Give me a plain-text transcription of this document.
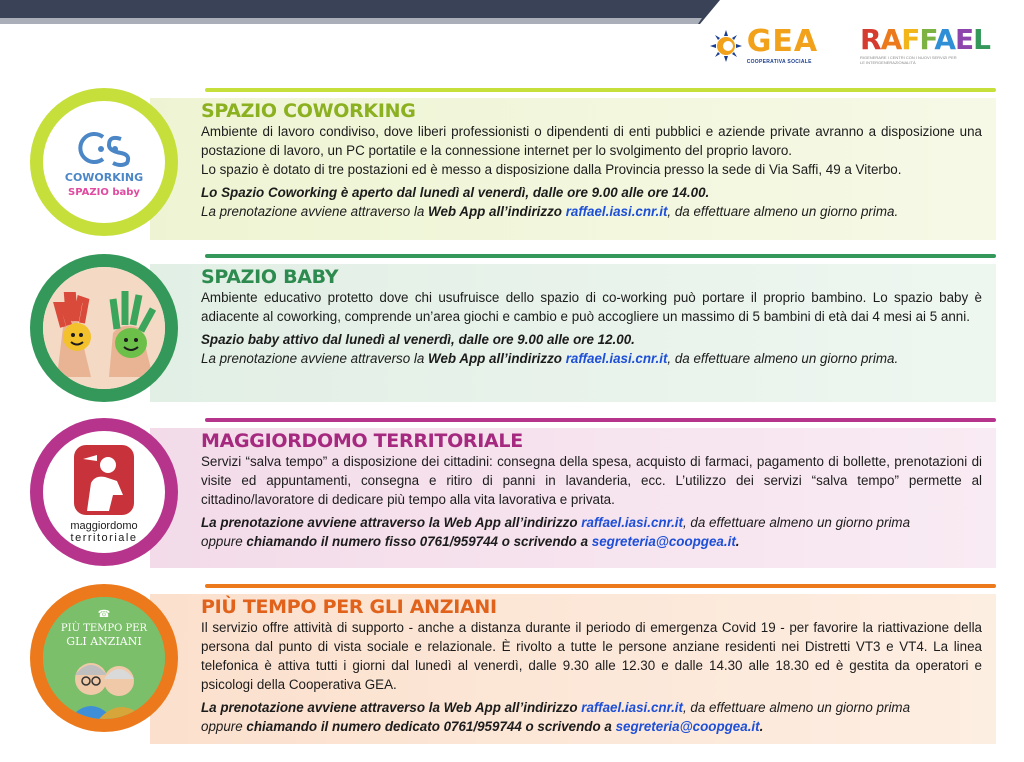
GEA
COOPERATIVA SOCIALE
RAFFAEL
RIGENERARE I CENTRI CON I NUOVI SERVIZI PER LE INTERGENERAZIONALITÀ
COWORKING
SPAZIO baby
SPAZIO COWORKING

Ambiente di lavoro condiviso, dove liberi professionisti o dipendenti di enti pubblici e aziende private avranno a disposizione una postazione di lavoro, un PC portatile e la connessione internet per lo svolgimento del proprio lavoro.

Lo spazio è dotato di tre postazioni ed è messo a disposizione dalla Provincia presso la sede di Via Saffi, 49 a Viterbo.

Lo Spazio Coworking è aperto dal lunedì al venerdì, dalle ore 9.00 alle ore 14.00.

La prenotazione avviene attraverso la Web App all’indirizzo raffael.iasi.cnr.it, da effettuare almeno un giorno prima.

SPAZIO BABY

Ambiente educativo protetto dove chi usufruisce dello spazio di co-working può portare il proprio bambino. Lo spazio baby è adiacente al coworking, comprende un’area giochi e cambio e può accogliere un massimo di 5 bambini di età dai 4 mesi ai 5 anni.

Spazio baby attivo dal lunedì al venerdì, dalle ore 9.00 alle ore 12.00.

La prenotazione avviene attraverso la Web App all’indirizzo raffael.iasi.cnr.it, da effettuare almeno un giorno prima.

maggiordomo
territoriale
MAGGIORDOMO TERRITORIALE

Servizi “salva tempo” a disposizione dei cittadini: consegna della spesa, acquisto di farmaci, pagamento di bollette, prenotazioni di visite ed appuntamenti, consegna e ritiro di panni in lavanderia, ecc. L’utilizzo dei servizi “salva tempo” permette al cittadino/lavoratore di dedicare più tempo alla vita lavorativa e privata.

La prenotazione avviene attraverso la Web App all’indirizzo raffael.iasi.cnr.it, da effettuare almeno un giorno prima

oppure chiamando il numero fisso 0761/959744 o scrivendo a segreteria@coopgea.it.

☎
PIÙ TEMPO PER
GLI ANZIANI
PIÙ TEMPO PER GLI ANZIANI

Il servizio offre attività di supporto - anche a distanza durante il periodo di emergenza Covid 19 - per favorire la riattivazione della persona dal punto di vista sociale e relazionale. È rivolto a tutte le persone anziane residenti nei Distretti VT3 e VT4. La linea telefonica è attiva tutti i giorni dal lunedì al venerdì, dalle 9.30 alle 12.30 e dalle 14.30 alle 18.30 ed è gestita da operatori e psicologi della Cooperativa GEA.

La prenotazione avviene attraverso la Web App all’indirizzo raffael.iasi.cnr.it, da effettuare almeno un giorno prima

oppure chiamando il numero dedicato 0761/959744 o scrivendo a segreteria@coopgea.it.
